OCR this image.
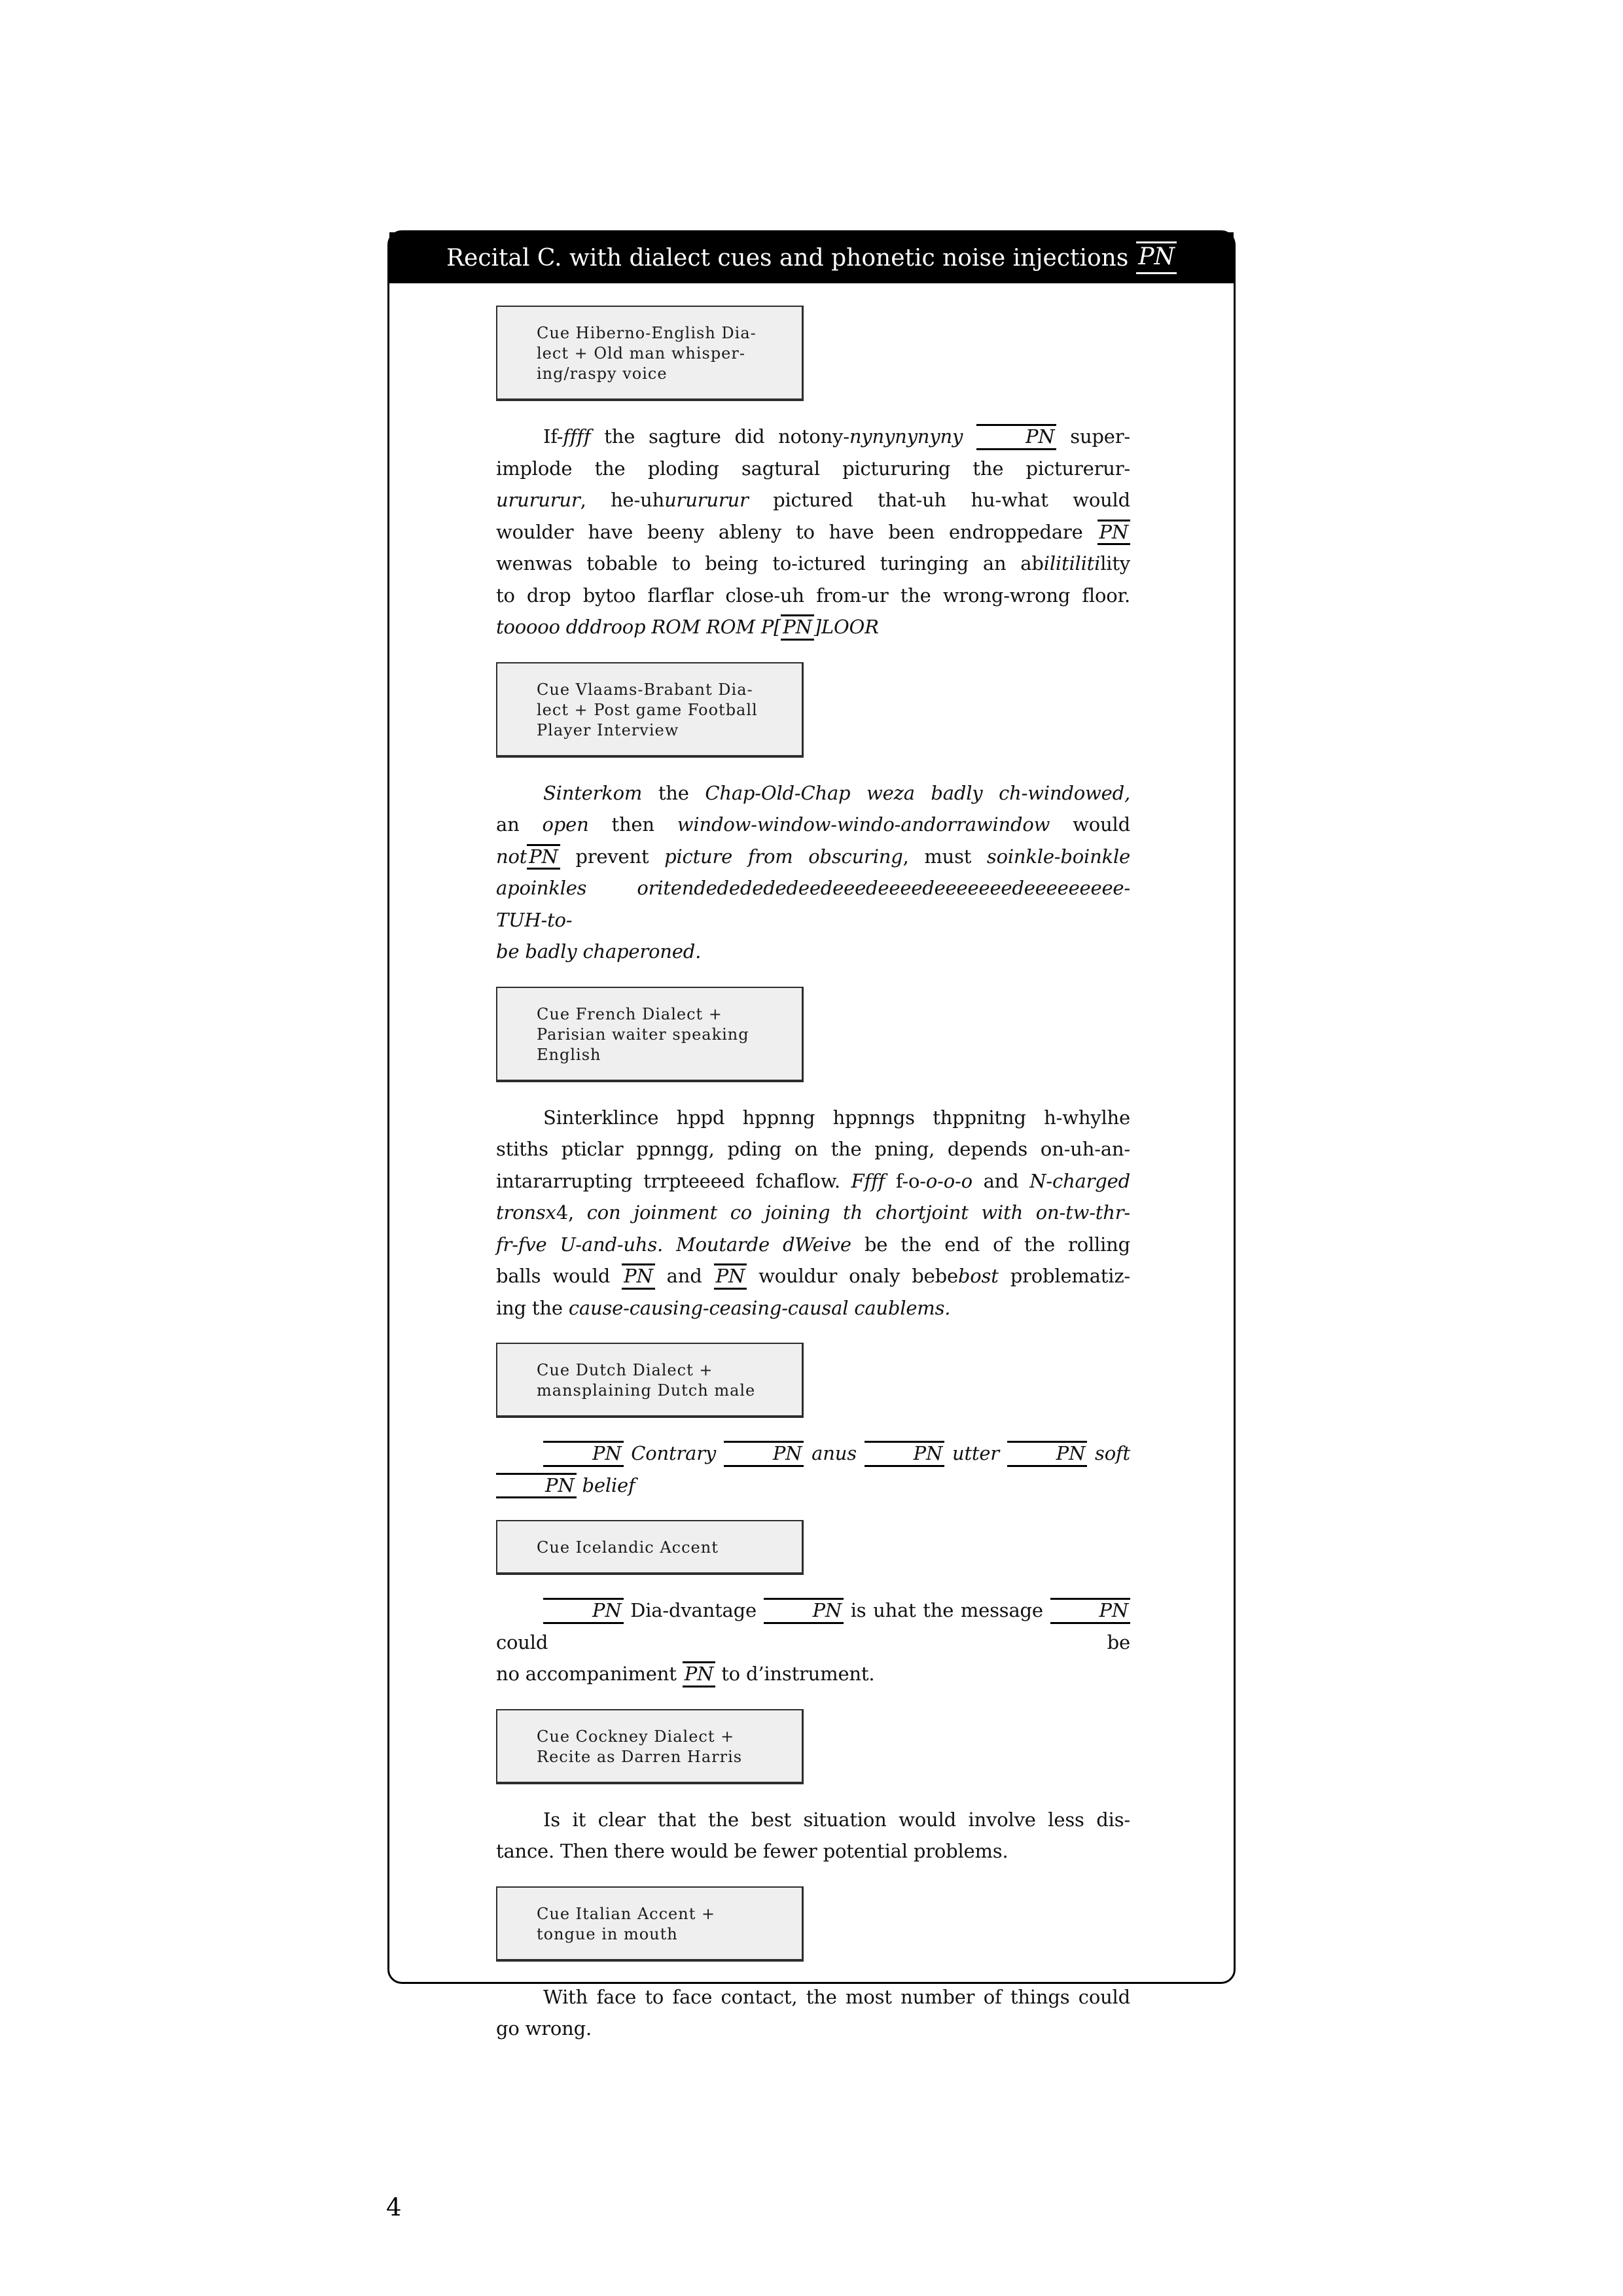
Recital C. with dialect cues and phonetic noise injections PN
Cue Hiberno-English Dia-
lect + Old man whisper-
ing/raspy voice
If-ffff the sagture did notony-nynynynyny	PN super-
implode the ploding sagtural pictururing the picturerur-
urururur, he-uhurururur pictured that-uh hu-what would
woulder have beeny ableny to have been endroppedare PN
wenwas tobable to being to-ictured turinging an abilitilitility
to drop bytoo flarflar close-uh from-ur the wrong-wrong floor.
tooooo dddroop ROM ROM P[ PN ]LOOR
Cue Vlaams-Brabant Dia-
lect + Post game Football
Player Interview
Sinterkom the Chap-Old-Chap weza badly ch-windowed,
an open then window-window-windo-andorrawindow would
not PN prevent picture from obscuring, must soinkle-boinkle
apoinkles	oritendededededeedeeedeeeedeeeeeeedeeeeeeeee-TUH-to-
be badly chaperoned.
Cue French Dialect +
Parisian waiter speaking
English
Sinterklince hppd hppnng hppnngs thppnitng h-whylhe
stiths pticlar ppnngg, pding on the pning, depends on-uh-an-
intararrupting trrpteeeed fchaflow. Ffff f-o-o-o-o and N-charged
tronsx4, con joinment co joining th chortjoint with on-tw-thr-
fr-fve U-and-uhs. Moutarde dWeive be the end of the rolling
balls would PN and PN wouldur onaly bebebost problematiz-
ing the cause-causing-ceasing-causal caublems.
Cue Dutch Dialect +
mansplaining Dutch male
PN Contrary	PN anus	PN utter	PN soft PN belief
Cue Icelandic Accent
PN Dia-dvantage	PN is uhat the message	PN could be
no accompaniment PN to d’instrument.
Cue Cockney Dialect +
Recite as Darren Harris
Is it clear that the best situation would involve less dis-
tance. Then there would be fewer potential problems.
Cue Italian Accent +
tongue in mouth
With face to face contact, the most number of things could
go wrong.
4
